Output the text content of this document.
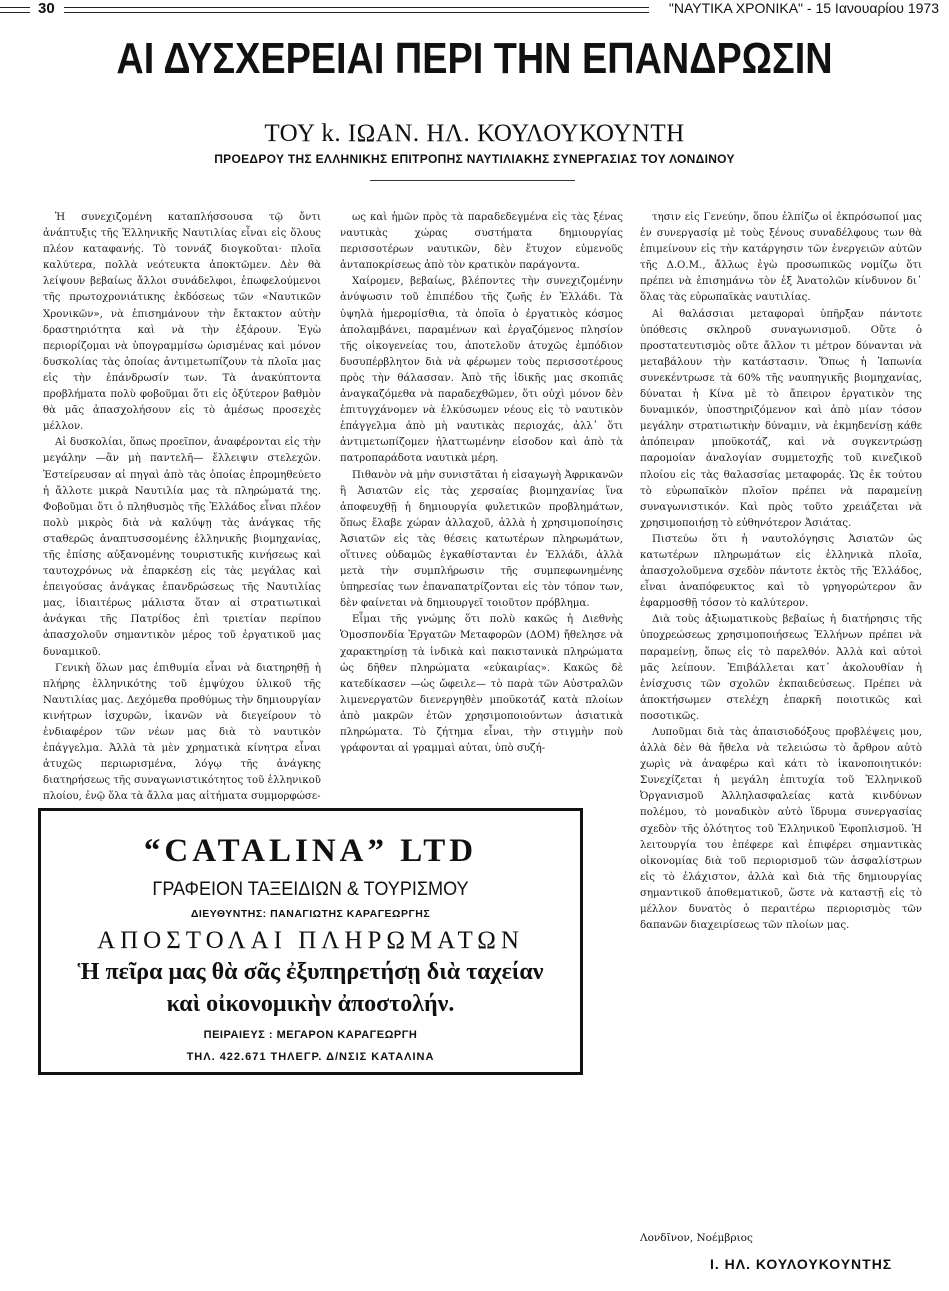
30	"ΝΑΥΤΙΚΑ ΧΡΟΝΙΚΑ" - 15 Ιανουαρίου 1973
ΑΙ ΔΥΣΧΕΡΕΙΑΙ ΠΕΡΙ ΤΗΝ ΕΠΑΝΔΡΩΣΙΝ
ΤΟΥ k. ΙΩΑΝ. ΗΛ. ΚΟΥΛΟΥΚΟΥΝΤΗ
ΠΡΟΕΔΡΟΥ ΤΗΣ ΕΛΛΗΝΙΚΗΣ ΕΠΙΤΡΟΠΗΣ ΝΑΥΤΙΛΙΑΚΗΣ ΣΥΝΕΡΓΑΣΙΑΣ ΤΟΥ ΛΟΝΔΙΝΟΥ

Ἡ συνεχιζομένη καταπλήσσουσα τῷ ὄντι ἀνάπτυξις τῆς Ἑλληνικῆς Ναυτιλίας εἶναι εἰς ὅλους πλέον καταφανής. Τὸ τοννάζ διογκοῦται· πλοῖα καλύτερα, πολλὰ νεότευκτα ἀποκτῶμεν. Δὲν θὰ λείψουν βεβαίως ἄλλοι συνάδελφοι, ἐπωφελούμενοι τῆς πρωτοχρονιάτικης ἐκδόσεως τῶν «Ναυτικῶν Χρονικῶν», νὰ ἐπισημάνουν τὴν ἔκτακτον αὐτὴν δραστηριότητα καὶ νὰ τὴν ἐξάρουν. Ἐγὼ περιορίζομαι νὰ ὑπογραμμίσω ὡρισμένας καὶ μόνον δυσκολίας τὰς ὁποίας ἀντιμετωπίζουν τὰ πλοῖα μας εἰς τὴν ἐπάνδρωσίν των. Τὰ ἀνακύπτοντα προβλήματα πολὺ φοβοῦμαι ὅτι εἰς ὀξύτερον βαθμὸν θὰ μᾶς ἀπασχολήσουν εἰς τὸ ἀμέσως προσεχὲς μέλλον.

Αἱ δυσκολίαι, ὅπως προεῖπον, ἀναφέρονται εἰς τὴν μεγάλην —ἂν μὴ παντελῆ— ἔλλειψιν στελεχῶν. Ἐστείρευσαν αἱ πηγαὶ ἀπὸ τὰς ὁποίας ἐπρομηθεύετο ἡ ἄλλοτε μικρὰ Ναυτιλία μας τὰ πληρώματά της. Φοβοῦμαι ὅτι ὁ πληθυσμὸς τῆς Ἑλλάδος εἶναι πλέον πολὺ μικρὸς διὰ νὰ καλύψῃ τὰς ἀνάγκας τῆς σταθερῶς ἀναπτυσσομένης ἑλληνικῆς βιομηχανίας, τῆς ἐπίσης αὐξανομένης τουριστικῆς κινήσεως καὶ ταυτοχρόνως νὰ ἐπαρκέσῃ εἰς τὰς μεγάλας καὶ ἐπειγούσας ἀνάγκας ἐπανδρώσεως τῆς Ναυτιλίας μας, ἰδιαιτέρως μάλιστα ὅταν αἱ στρατιωτικαὶ ἀνάγκαι τῆς Πατρίδος ἐπὶ τριετίαν περίπου ἀπασχολοῦν σημαντικὸν μέρος τοῦ ἐργατικοῦ μας δυναμικοῦ.

Γενικὴ ὅλων μας ἐπιθυμία εἶναι νὰ διατηρηθῇ ἡ πλήρης ἑλληνικότης τοῦ ἐμψύχου ὑλικοῦ τῆς Ναυτιλίας μας. Δεχόμεθα προθύμως τὴν δημιουργίαν κινήτρων ἰσχυρῶν, ἱκανῶν νὰ διεγείρουν τὸ ἐνδιαφέρον τῶν νέων μας διὰ τὸ ναυτικὸν ἐπάγγελμα. Ἀλλὰ τὰ μὲν χρηματικὰ κίνητρα εἶναι ἀτυχῶς περιωρισμένα, λόγῳ τῆς ἀνάγκης διατηρήσεως τῆς συναγωνιστικότητος τοῦ ἑλληνικοῦ πλοίου, ἐνῷ ὅλα τὰ ἄλλα μας αἰτήματα συμμορφώσε-

ως καὶ ἡμῶν πρὸς τὰ παραδεδεγμένα εἰς τὰς ξένας ναυτικὰς χώρας συστήματα δημιουργίας περισσοτέρων ναυτικῶν, δὲν ἔτυχον εὐμενοῦς ἀνταποκρίσεως ἀπὸ τὸν κρατικὸν παράγοντα.

Χαίρομεν, βεβαίως, βλέποντες τὴν συνεχιζομένην ἀνύψωσιν τοῦ ἐπιπέδου τῆς ζωῆς ἐν Ἑλλάδι. Τὰ ὑψηλὰ ἡμερομίσθια, τὰ ὁποῖα ὁ ἐργατικὸς κόσμος ἀπολαμβάνει, παραμένων καὶ ἐργαζόμενος πλησίον τῆς οἰκογενείας του, ἀποτελοῦν ἀτυχῶς ἐμπόδιον δυσυπέρβλητον διὰ νὰ φέρωμεν τοὺς περισσοτέρους πρὸς τὴν θάλασσαν. Ἀπὸ τῆς ἰδικῆς μας σκοπιᾶς ἀναγκαζόμεθα νὰ παραδεχθῶμεν, ὅτι οὐχὶ μόνον δὲν ἐπιτυγχάνομεν νὰ ἑλκύσωμεν νέους εἰς τὸ ναυτικὸν ἐπάγγελμα ἀπὸ μὴ ναυτικὰς περιοχάς, ἀλλ᾽ ὅτι ἀντιμετωπίζομεν ἠλαττωμένην εἰσοδον καὶ ἀπὸ τὰ πατροπαράδοτα ναυτικὰ μέρη.

Πιθανὸν νὰ μὴν συνιστᾶται ἡ εἰσαγωγὴ Ἀφρικανῶν ἢ Ἀσιατῶν εἰς τὰς χερσαίας βιομηχανίας ἵνα ἀποφευχθῇ ἡ δημιουργία φυλετικῶν προβλημάτων, ὅπως ἔλαβε χώραν ἀλλαχοῦ, ἀλλὰ ἡ χρησιμοποίησις Ἀσιατῶν εἰς τὰς θέσεις κατωτέρων πληρωμάτων, οἵτινες οὐδαμῶς ἐγκαθίστανται ἐν Ἑλλάδι, ἀλλὰ μετὰ τὴν συμπλήρωσιν τῆς συμπεφωνημένης ὑπηρεσίας των ἐπαναπατρίζονται εἰς τὸν τόπον των, δὲν φαίνεται νὰ δημιουργεῖ τοιοῦτον πρόβλημα.

Εἶμαι τῆς γνώμης ὅτι πολὺ κακῶς ἡ Διεθνὴς Ὁμοσπονδία Ἐργατῶν Μεταφορῶν (ΔΟΜ) ἤθελησε νὰ χαρακτηρίσῃ τὰ ἰνδικὰ καὶ πακιστανικὰ πληρώματα ὡς δῆθεν πληρώματα «εὐκαιρίας». Κακῶς δὲ κατεδίκασεν —ὡς ὤφειλε— τὸ παρὰ τῶν Αὐστραλῶν λιμενεργατῶν διενεργηθὲν μποϋκοτάζ κατὰ πλοίων ἀπὸ μακρῶν ἐτῶν χρησιμοποιούντων ἀσιατικὰ πληρώματα. Τὸ ζήτημα εἶναι, τὴν στιγμὴν ποὺ γράφονται αἱ γραμμαὶ αὐται, ὑπὸ συζή-

τησιν εἰς Γενεύην, ὅπου ἐλπίζω οἱ ἐκπρόσωποί μας ἐν συνεργασίᾳ μὲ τοὺς ξένους συναδέλφους των θὰ ἐπιμείνουν εἰς τὴν κατάργησιν τῶν ἐνεργειῶν αὐτῶν τῆς Δ.Ο.Μ., ἄλλως ἐγὼ προσωπικῶς νομίζω ὅτι πρέπει νὰ ἐπισημάνω τὸν ἐξ Ἀνατολῶν κίνδυνον δι᾽ ὅλας τὰς εὐρωπαϊκὰς ναυτιλίας.

Αἱ θαλάσσιαι μεταφοραὶ ὑπῆρξαν πάντοτε ὑπόθεσις σκληροῦ συναγωνισμοῦ. Οὔτε ὁ προστατευτισμὸς οὔτε ἄλλον τι μέτρον δύνανται νὰ μεταβάλουν τὴν κατάστασιν. Ὅπως ἡ Ἰαπωνία συνεκέντρωσε τὰ 60% τῆς ναυπηγικῆς βιομηχανίας, δύναται ἡ Κίνα μὲ τὸ ἄπειρον ἐργατικὸν της δυναμικόν, ὑποστηριζόμενον καὶ ἀπὸ μίαν τόσον μεγάλην στρατιωτικὴν δύναμιν, νὰ ἐκμηδενίσῃ κάθε ἀπόπειραν μποϋκοτάζ, καὶ νὰ συγκεντρώσῃ παρομοίαν ἀναλογίαν συμμετοχῆς τοῦ κινεζικοῦ πλοίου εἰς τὰς θαλασσίας μεταφοράς. Ὡς ἐκ τούτου τὸ εὐρωπαϊκὸν πλοῖον πρέπει νὰ παραμείνῃ συναγωνιστικόν. Καὶ πρὸς τοῦτο χρειάζεται νὰ χρησιμοποιήσῃ τὸ εὐθηνότερον Ἀσιάτας.

Πιστεύω ὅτι ἡ ναυτολόγησις Ἀσιατῶν ὡς κατωτέρων πληρωμάτων εἰς ἑλληνικὰ πλοῖα, ἀπασχολοῦμενα σχεδὸν πάντοτε ἐκτὸς τῆς Ἑλλάδος, εἶναι ἀναπόφευκτος καὶ τὸ γρηγορώτερον ἂν ἐφαρμοσθῇ τόσον τὸ καλύτερον.

Διὰ τοὺς ἀξιωματικοὺς βεβαίως ἡ διατήρησις τῆς ὑποχρεώσεως χρησιμοποιήσεως Ἑλλήνων πρέπει νὰ παραμείνῃ, ὅπως εἰς τὸ παρελθόν. Ἀλλὰ καὶ αὐτοὶ μᾶς λείπουν. Ἐπιβάλλεται κατ᾽ ἀκολουθίαν ἡ ἐνίσχυσις τῶν σχολῶν ἐκπαιδεύσεως. Πρέπει νὰ ἀποκτήσωμεν στελέχη ἐπαρκῆ ποιοτικῶς καὶ ποσοτικῶς.

Λυποῦμαι διὰ τὰς ἀπαισιοδόξους προβλέψεις μου, ἀλλὰ δὲν θὰ ἤθελα νὰ τελειώσω τὸ ἄρθρον αὐτὸ χωρὶς νὰ ἀναφέρω καὶ κάτι τὸ ἱκανοποιητικόν: Συνεχίζεται ἡ μεγάλη ἐπιτυχία τοῦ Ἑλληνικοῦ Ὀργανισμοῦ Ἀλληλασφαλείας κατὰ κινδύνων πολέμου, τὸ μοναδικὸν αὐτὸ ἵδρυμα συνεργασίας σχεδὸν τῆς ὁλότητος τοῦ Ἑλληνικοῦ Ἐφοπλισμοῦ. Ἡ λειτουργία του ἐπέφερε καὶ ἐπιφέρει σημαντικὰς οἰκονομίας διὰ τοῦ περιορισμοῦ τῶν ἀσφαλίστρων εἰς τὸ ἐλάχιστον, ἀλλὰ καὶ διὰ τῆς δημιουργίας σημαντικοῦ ἀποθεματικοῦ, ὥστε νὰ καταστῇ εἰς τὸ μέλλον δυνατὸς ὁ περαιτέρω περιορισμὸς τῶν δαπανῶν διαχειρίσεως τῶν πλοίων μας.

“CATALINA” LTD
ΓΡΑΦΕΙΟΝ ΤΑΞΕΙΔΙΩΝ & ΤΟΥΡΙΣΜΟΥ
ΔΙΕΥΘΥΝΤΗΣ: ΠΑΝΑΓΙΩΤΗΣ ΚΑΡΑΓΕΩΡΓΗΣ
ΑΠΟΣΤΟΛΑΙ ΠΛΗΡΩΜΑΤΩΝ
Ἡ πεῖρα μας θὰ σᾶς ἐξυπηρετήσῃ διὰ ταχείαν
καὶ οἰκονομικὴν ἀποστολήν.
ΠΕΙΡΑΙΕΥΣ : ΜΕΓΑΡΟΝ ΚΑΡΑΓΕΩΡΓΗ
ΤΗΛ. 422.671 ΤΗΛΕΓΡ. Δ/ΝΣΙΣ ΚΑΤΑΛΙΝΑ
Λονδῖνον, Νοέμβριος
Ι. ΗΛ. ΚΟΥΛΟΥΚΟΥΝΤΗΣ
